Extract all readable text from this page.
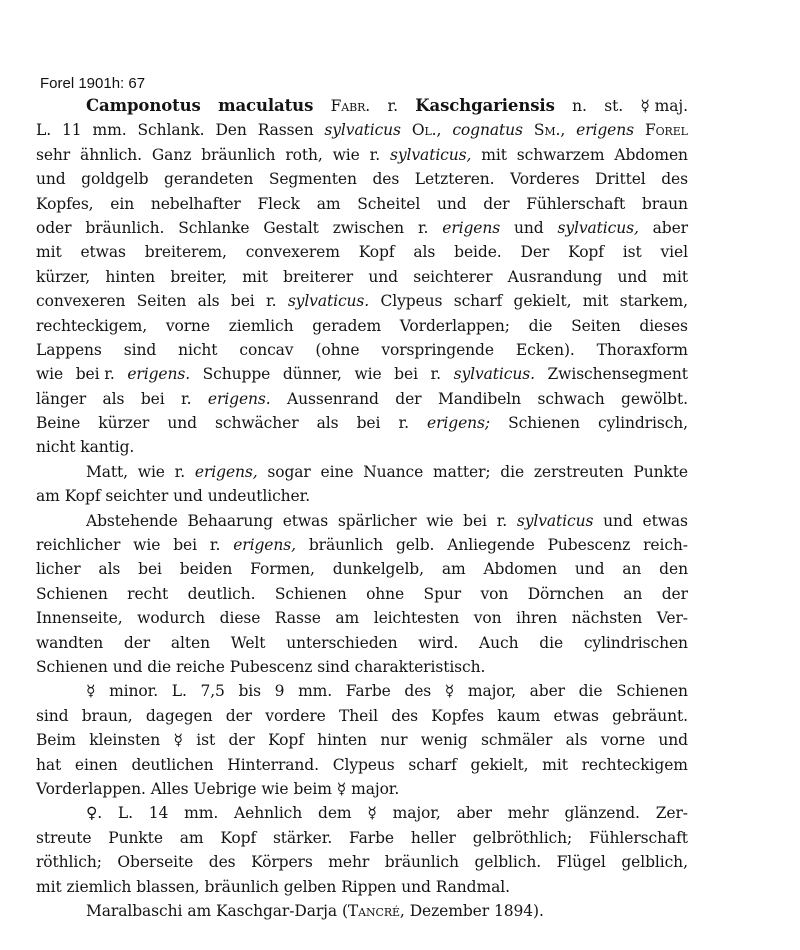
Forel 1901h: 67
Camponotus maculatus Fabr. r. Kaschgariensis n. st. ☿ maj.
L. 11 mm. Schlank. Den Rassen sylvaticus Ol., cognatus Sm., erigens Forel
sehr ähnlich. Ganz bräunlich roth, wie r. sylvaticus, mit schwarzem Abdomen
und goldgelb gerandeten Segmenten des Letzteren. Vorderes Drittel des
Kopfes, ein nebelhafter Fleck am Scheitel und der Fühlerschaft braun
oder bräunlich. Schlanke Gestalt zwischen r. erigens und sylvaticus, aber
mit etwas breiterem, convexerem Kopf als beide. Der Kopf ist viel
kürzer, hinten breiter, mit breiterer und seichterer Ausrandung und mit
convexeren Seiten als bei r. sylvaticus. Clypeus scharf gekielt, mit starkem,
rechteckigem, vorne ziemlich geradem Vorderlappen; die Seiten dieses
Lappens sind nicht concav (ohne vorspringende Ecken). Thoraxform
wie bei r. erigens. Schuppe dünner, wie bei r. sylvaticus. Zwischensegment
länger als bei r. erigens. Aussenrand der Mandibeln schwach gewölbt.
Beine kürzer und schwächer als bei r. erigens; Schienen cylindrisch,
nicht kantig.
Matt, wie r. erigens, sogar eine Nuance matter; die zerstreuten Punkte
am Kopf seichter und undeutlicher.
Abstehende Behaarung etwas spärlicher wie bei r. sylvaticus und etwas
reichlicher wie bei r. erigens, bräunlich gelb. Anliegende Pubescenz reich-
licher als bei beiden Formen, dunkelgelb, am Abdomen und an den
Schienen recht deutlich. Schienen ohne Spur von Dörnchen an der
Innenseite, wodurch diese Rasse am leichtesten von ihren nächsten Ver-
wandten der alten Welt unterschieden wird. Auch die cylindrischen
Schienen und die reiche Pubescenz sind charakteristisch.
☿ minor. L. 7,5 bis 9 mm. Farbe des ☿ major, aber die Schienen
sind braun, dagegen der vordere Theil des Kopfes kaum etwas gebräunt.
Beim kleinsten ☿ ist der Kopf hinten nur wenig schmäler als vorne und
hat einen deutlichen Hinterrand. Clypeus scharf gekielt, mit rechteckigem
Vorderlappen. Alles Uebrige wie beim ☿ major.
♀. L. 14 mm. Aehnlich dem ☿ major, aber mehr glänzend. Zer-
streute Punkte am Kopf stärker. Farbe heller gelbröthlich; Fühlerschaft
röthlich; Oberseite des Körpers mehr bräunlich gelblich. Flügel gelblich,
mit ziemlich blassen, bräunlich gelben Rippen und Randmal.
Maralbaschi am Kaschgar-Darja (Tancré, Dezember 1894).
